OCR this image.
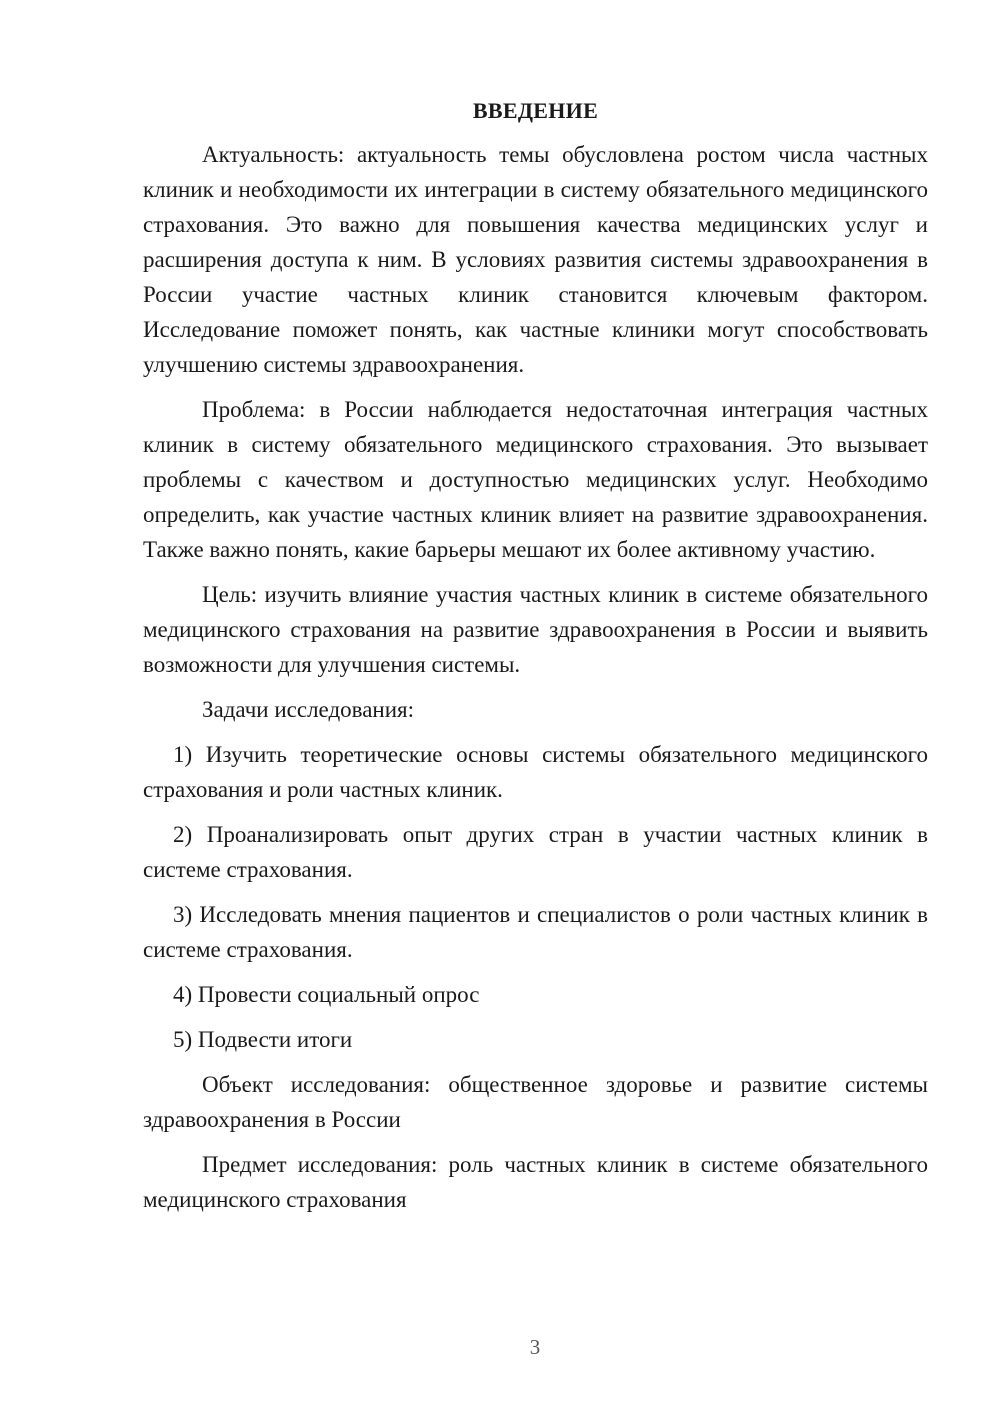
ВВЕДЕНИЕ

Актуальность: актуальность темы обусловлена ростом числа частных клиник и необходимости их интеграции в систему обязательного медицинского страхования. Это важно для повышения качества медицинских услуг и расширения доступа к ним. В условиях развития системы здравоохранения в России участие частных клиник становится ключевым фактором. Исследование поможет понять, как частные клиники могут способствовать улучшению системы здравоохранения.

Проблема: в России наблюдается недостаточная интеграция частных клиник в систему обязательного медицинского страхования. Это вызывает проблемы с качеством и доступностью медицинских услуг. Необходимо определить, как участие частных клиник влияет на развитие здравоохранения. Также важно понять, какие барьеры мешают их более активному участию.

Цель: изучить влияние участия частных клиник в системе обязательного медицинского страхования на развитие здравоохранения в России и выявить возможности для улучшения системы.

Задачи исследования:

1) Изучить теоретические основы системы обязательного медицинского страхования и роли частных клиник.

2) Проанализировать опыт других стран в участии частных клиник в системе страхования.

3) Исследовать мнения пациентов и специалистов о роли частных клиник в системе страхования.

4) Провести социальный опрос

5) Подвести итоги

Объект исследования: общественное здоровье и развитие системы здравоохранения в России

Предмет исследования: роль частных клиник в системе обязательного медицинского страхования

3
